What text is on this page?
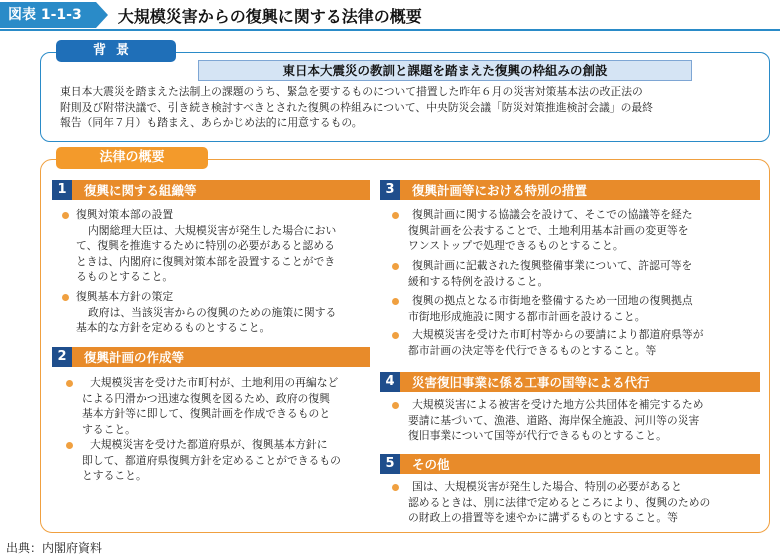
図表 1-1-3	大規模災害からの復興に関する法律の概要
背景
東日本大震災の教訓と課題を踏まえた復興の枠組みの創設
東日本大震災を踏まえた法制上の課題のうち、緊急を要するものについて措置した昨年６月の災害対策基本法の改正法の
附則及び附帯決議で、引き続き検討すべきとされた復興の枠組みについて、中央防災会議「防災対策推進検討会議」の最終
報告（同年７月）も踏まえ、あらかじめ法的に用意するもの。
法律の概要
1	復興に関する組織等
復興対策本部の設置
内閣総理大臣は、大規模災害が発生した場合におい
て、復興を推進するために特別の必要があると認める
ときは、内閣府に復興対策本部を設置することができ
るものとすること。
復興基本方針の策定
政府は、当該災害からの復興のための施策に関する
基本的な方針を定めるものとすること。
2	復興計画の作成等
大規模災害を受けた市町村が、土地利用の再編など
による円滑かつ迅速な復興を図るため、政府の復興
基本方針等に即して、復興計画を作成できるものと
すること。
大規模災害を受けた都道府県が、復興基本方針に
即して、都道府県復興方針を定めることができるもの
とすること。
3	復興計画等における特別の措置
復興計画に関する協議会を設けて、そこでの協議等を経た
復興計画を公表することで、土地利用基本計画の変更等を
ワンストップで処理できるものとすること。
復興計画に記載された復興整備事業について、許認可等を
緩和する特例を設けること。
復興の拠点となる市街地を整備するため一団地の復興拠点
市街地形成施設に関する都市計画を設けること。
大規模災害を受けた市町村等からの要請により都道府県等が
都市計画の決定等を代行できるものとすること。等
4	災害復旧事業に係る工事の国等による代行
大規模災害による被害を受けた地方公共団体を補完するため
要請に基づいて、漁港、道路、海岸保全施設、河川等の災害
復旧事業について国等が代行できるものとすること。
5	その他
国は、大規模災害が発生した場合、特別の必要があると
認めるときは、別に法律で定めるところにより、復興のための
の財政上の措置等を速やかに講ずるものとすること。等
出典：内閣府資料
